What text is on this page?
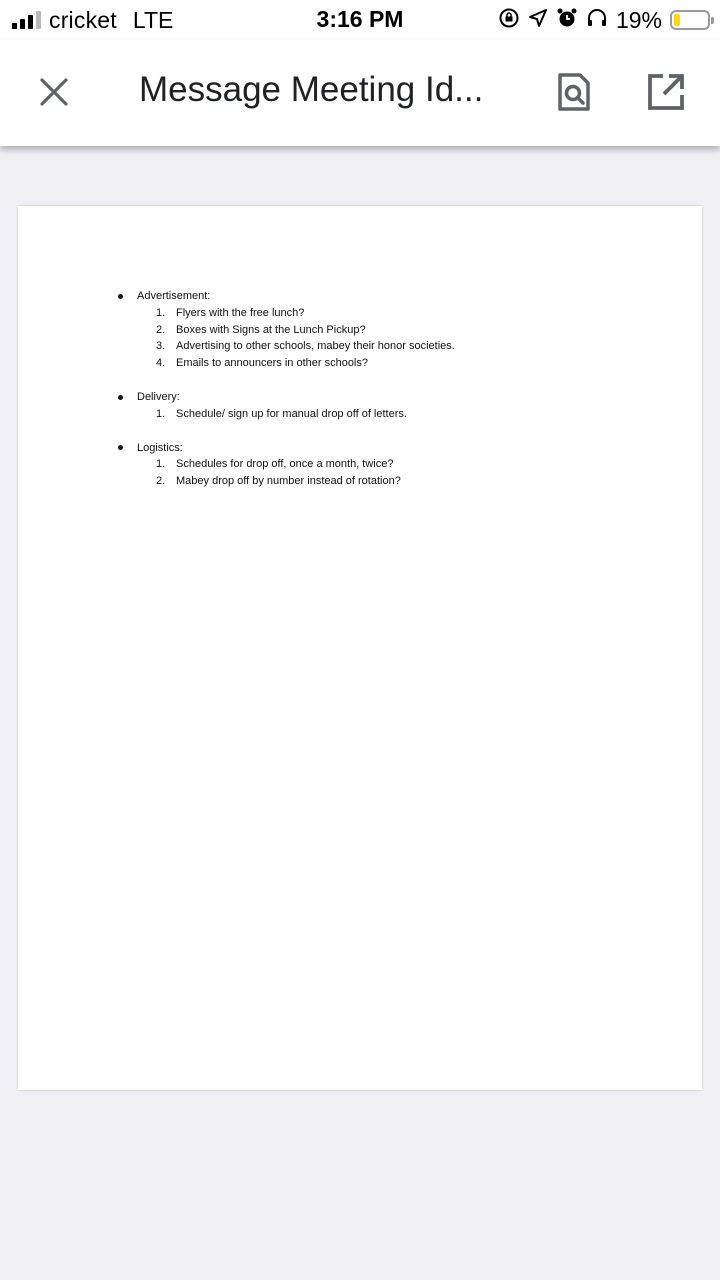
cricket LTE	3:16 PM	19%
Message Meeting Id...
Advertisement:
1. Flyers with the free lunch?
2. Boxes with Signs at the Lunch Pickup?
3. Advertising to other schools, mabey their honor societies.
4. Emails to announcers in other schools?
Delivery:
1. Schedule/ sign up for manual drop off of letters.
Logistics:
1. Schedules for drop off, once a month, twice?
2. Mabey drop off by number instead of rotation?
